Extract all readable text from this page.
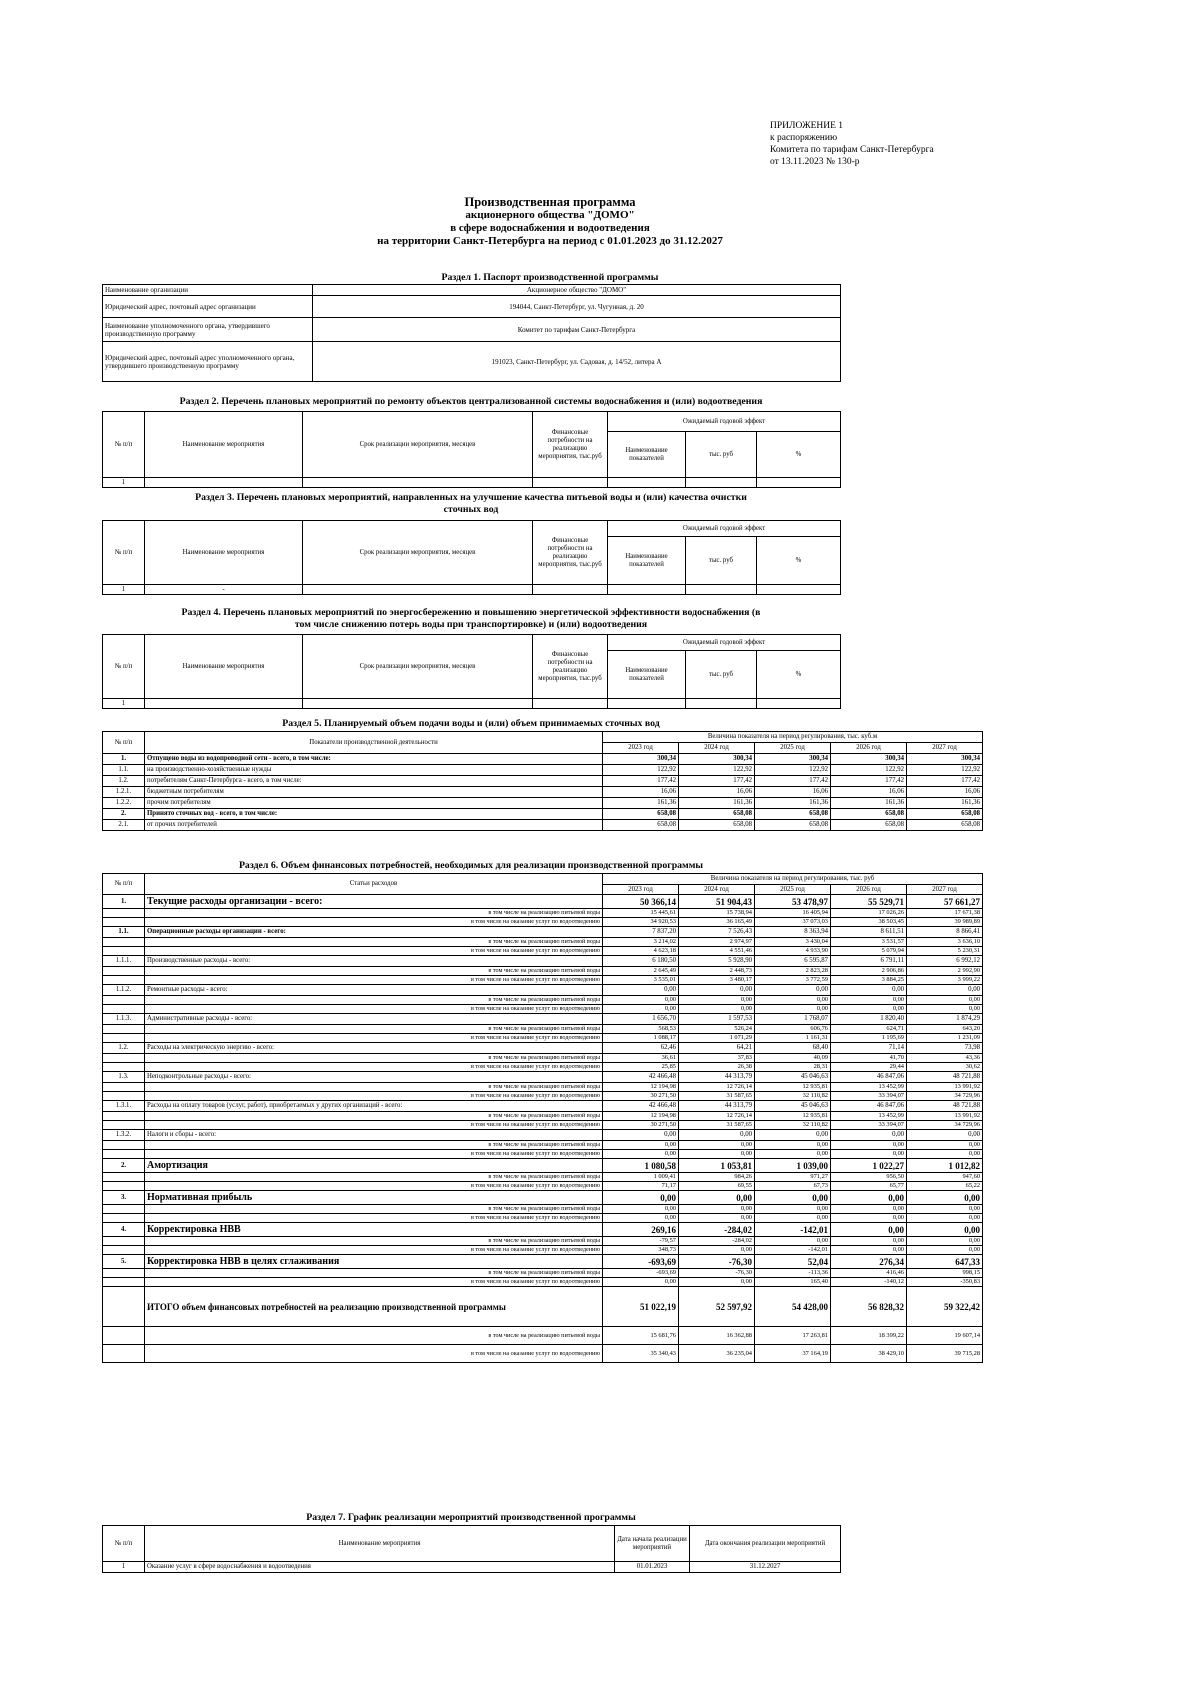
ПРИЛОЖЕНИЕ 1
к распоряжению
Комитета по тарифам Санкт-Петербурга
от 13.11.2023 № 130-р
Производственная программа
акционерного общества "ДОМО"
в сфере водоснабжения и водоотведения
на территории Санкт-Петербурга на период с 01.01.2023 до 31.12.2027
Раздел 1. Паспорт производственной программы
Наименование организации	Акционерное общество "ДОМО"
Юридический адрес, почтовый адрес организации	194044, Санкт-Петербург, ул. Чугунная, д. 20
Наименование уполномоченного органа, утвердившего производственную программу	Комитет по тарифам Санкт-Петербурга
Юридический адрес, почтовый адрес уполномоченного органа, утвердившего производственную программу	191023, Санкт-Петербург, ул. Садовая, д. 14/52, литера А
Раздел 2. Перечень плановых мероприятий по ремонту объектов централизованной системы водоснабжения и (или) водоотведения
№ п/п	Наименование мероприятия	Срок реализации мероприятия, месяцев	Финансовые потребности на реализацию мероприятия, тыс.руб	Ожидаемый годовой эффект		
				Наименование показателей	тыс. руб	%
1						
Раздел 3. Перечень плановых мероприятий, направленных на улучшение качества питьевой воды и (или) качества очистки
сточных вод
№ п/п	Наименование мероприятия	Срок реализации мероприятия, месяцев	Финансовые потребности на реализацию мероприятия, тыс.руб	Ожидаемый годовой эффект		
				Наименование показателей	тыс. руб	%
1	-					
Раздел 4. Перечень плановых мероприятий по энергосбережению и повышению энергетической эффективности водоснабжения (в
том числе снижению потерь воды при транспортировке) и (или) водоотведения
№ п/п	Наименование мероприятия	Срок реализации мероприятия, месяцев	Финансовые потребности на реализацию мероприятия, тыс.руб	Ожидаемый годовой эффект		
				Наименование показателей	тыс. руб	%
1						
Раздел 5. Планируемый объем подачи воды и (или) объем принимаемых сточных вод
№ п/п	Показатели производственной деятельности	Величина показателя на период регулирования, тыс. куб.м				
		2023 год	2024 год	2025 год	2026 год	2027 год
1.	Отпущено воды из водопроводной сети - всего, в том числе:	300,34	300,34	300,34	300,34	300,34
1.1.	на производственно-хозяйственные нужды	122,92	122,92	122,92	122,92	122,92
1.2.	потребителям Санкт-Петербурга - всего, в том числе:	177,42	177,42	177,42	177,42	177,42
1.2.1.	бюджетным потребителям	16,06	16,06	16,06	16,06	16,06
1.2.2.	прочим потребителям	161,36	161,36	161,36	161,36	161,36
2.	Принято сточных вод - всего, в том числе:	658,08	658,08	658,08	658,08	658,08
2.1.	от прочих потребителей	658,08	658,08	658,08	658,08	658,08
Раздел 6. Объем финансовых потребностей, необходимых для реализации производственной программы
№ п/п	Статьи расходов	Величина показателя на период регулирования, тыс. руб				
		2023 год	2024 год	2025 год	2026 год	2027 год
1.	Текущие расходы организации - всего:	50 366,14	51 904,43	53 478,97	55 529,71	57 661,27
	в том числе на реализацию питьевой воды	15 445,61	15 738,94	16 405,94	17 026,26	17 671,38
	в том числе на оказание услуг по водоотведению	34 920,53	36 165,49	37 073,03	38 503,45	39 989,89
1.1.	Операционные расходы организации - всего:	7 837,20	7 526,43	8 363,94	8 611,51	8 866,41
	в том числе на реализацию питьевой воды	3 214,02	2 974,97	3 430,04	3 531,57	3 636,10
	в том числе на оказание услуг по водоотведению	4 623,18	4 551,46	4 933,90	5 079,94	5 230,31
1.1.1.	Производственные расходы - всего:	6 180,50	5 928,90	6 595,87	6 791,11	6 992,12
	в том числе на реализацию питьевой воды	2 645,49	2 448,73	2 823,28	2 906,86	2 992,90
	в том числе на оказание услуг по водоотведению	3 535,01	3 480,17	3 772,59	3 884,25	3 999,22
1.1.2.	Ремонтные расходы - всего:	0,00	0,00	0,00	0,00	0,00
	в том числе на реализацию питьевой воды	0,00	0,00	0,00	0,00	0,00
	в том числе на оказание услуг по водоотведению	0,00	0,00	0,00	0,00	0,00
1.1.3.	Административные расходы - всего:	1 656,70	1 597,53	1 768,07	1 820,40	1 874,29
	в том числе на реализацию питьевой воды	568,53	526,24	606,76	624,71	643,20
	в том числе на оказание услуг по водоотведению	1 088,17	1 071,29	1 161,31	1 195,69	1 231,09
1.2.	Расходы на электрическую энергию - всего:	62,46	64,21	68,40	71,14	73,98
	в том числе на реализацию питьевой воды	36,61	37,83	40,09	41,70	43,36
	в том числе на оказание услуг по водоотведению	25,85	26,38	28,31	29,44	30,62
1.3.	Неподконтрольные расходы - всего:	42 466,48	44 313,79	45 046,63	46 847,06	48 721,88
	в том числе на реализацию питьевой воды	12 194,98	12 726,14	12 935,81	13 452,99	13 991,92
	в том числе на оказание услуг по водоотведению	30 271,50	31 587,65	32 110,82	33 394,07	34 729,96
1.3.1.	Расходы на оплату товаров (услуг, работ), приобретаемых у других организаций - всего:	42 466,48	44 313,79	45 046,63	46 847,06	48 721,88
	в том числе на реализацию питьевой воды	12 194,98	12 726,14	12 935,81	13 452,99	13 991,92
	в том числе на оказание услуг по водоотведению	30 271,50	31 587,65	32 110,82	33 394,07	34 729,96
1.3.2.	Налоги и сборы - всего:	0,00	0,00	0,00	0,00	0,00
	в том числе на реализацию питьевой воды	0,00	0,00	0,00	0,00	0,00
	в том числе на оказание услуг по водоотведению	0,00	0,00	0,00	0,00	0,00
2.	Амортизация	1 080,58	1 053,81	1 039,00	1 022,27	1 012,82
	в том числе на реализацию питьевой воды	1 009,41	984,26	971,27	956,50	947,60
	в том числе на оказание услуг по водоотведению	71,17	69,55	67,73	65,77	65,22
3.	Нормативная прибыль	0,00	0,00	0,00	0,00	0,00
	в том числе на реализацию питьевой воды	0,00	0,00	0,00	0,00	0,00
	в том числе на оказание услуг по водоотведению	0,00	0,00	0,00	0,00	0,00
4.	Корректировка НВВ	269,16	-284,02	-142,01	0,00	0,00
	в том числе на реализацию питьевой воды	-79,57	-284,02	0,00	0,00	0,00
	в том числе на оказание услуг по водоотведению	348,73	0,00	-142,01	0,00	0,00
5.	Корректировка НВВ в целях сглаживания	-693,69	-76,30	52,04	276,34	647,33
	в том числе на реализацию питьевой воды	-693,69	-76,30	-113,36	416,46	998,15
	в том числе на оказание услуг по водоотведению	0,00	0,00	165,40	-140,12	-350,83
	ИТОГО объем финансовых потребностей на реализацию производственной программы	51 022,19	52 597,92	54 428,00	56 828,32	59 322,42
	в том числе на реализацию питьевой воды	15 681,76	16 362,88	17 263,81	18 399,22	19 607,14
	в том числе на оказание услуг по водоотведению	35 340,43	36 235,04	37 164,19	38 429,10	39 715,28
Раздел 7. График реализации мероприятий производственной программы
№ п/п	Наименование мероприятия	Дата начала реализации мероприятий	Дата окончания реализации мероприятий
1	Оказание услуг в сфере водоснабжения и водоотведения	01.01.2023	31.12.2027
